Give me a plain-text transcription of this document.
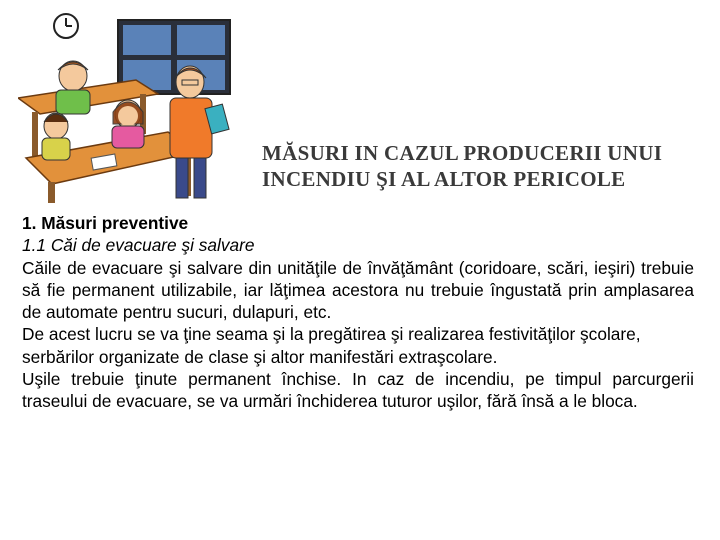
MĂSURI IN CAZUL PRODUCERII UNUI
INCENDIU ŞI AL ALTOR PERICOLE
1. Măsuri preventive
1.1 Căi de evacuare şi salvare
Căile de evacuare şi salvare din unităţile de învăţământ (coridoare, scări, ieşiri) trebuie să fie permanent utilizabile, iar lăţimea acestora nu trebuie îngustată prin amplasarea de automate pentru sucuri, dulapuri, etc.
De acest lucru se va ţine seama şi la pregătirea şi realizarea festivităţilor şcolare,
serbărilor organizate de clase şi altor manifestări extraşcolare.
Uşile trebuie ţinute permanent închise. In caz de incendiu, pe timpul parcurgerii traseului de evacuare, se va urmări închiderea tuturor uşilor, fără însă a le bloca.
